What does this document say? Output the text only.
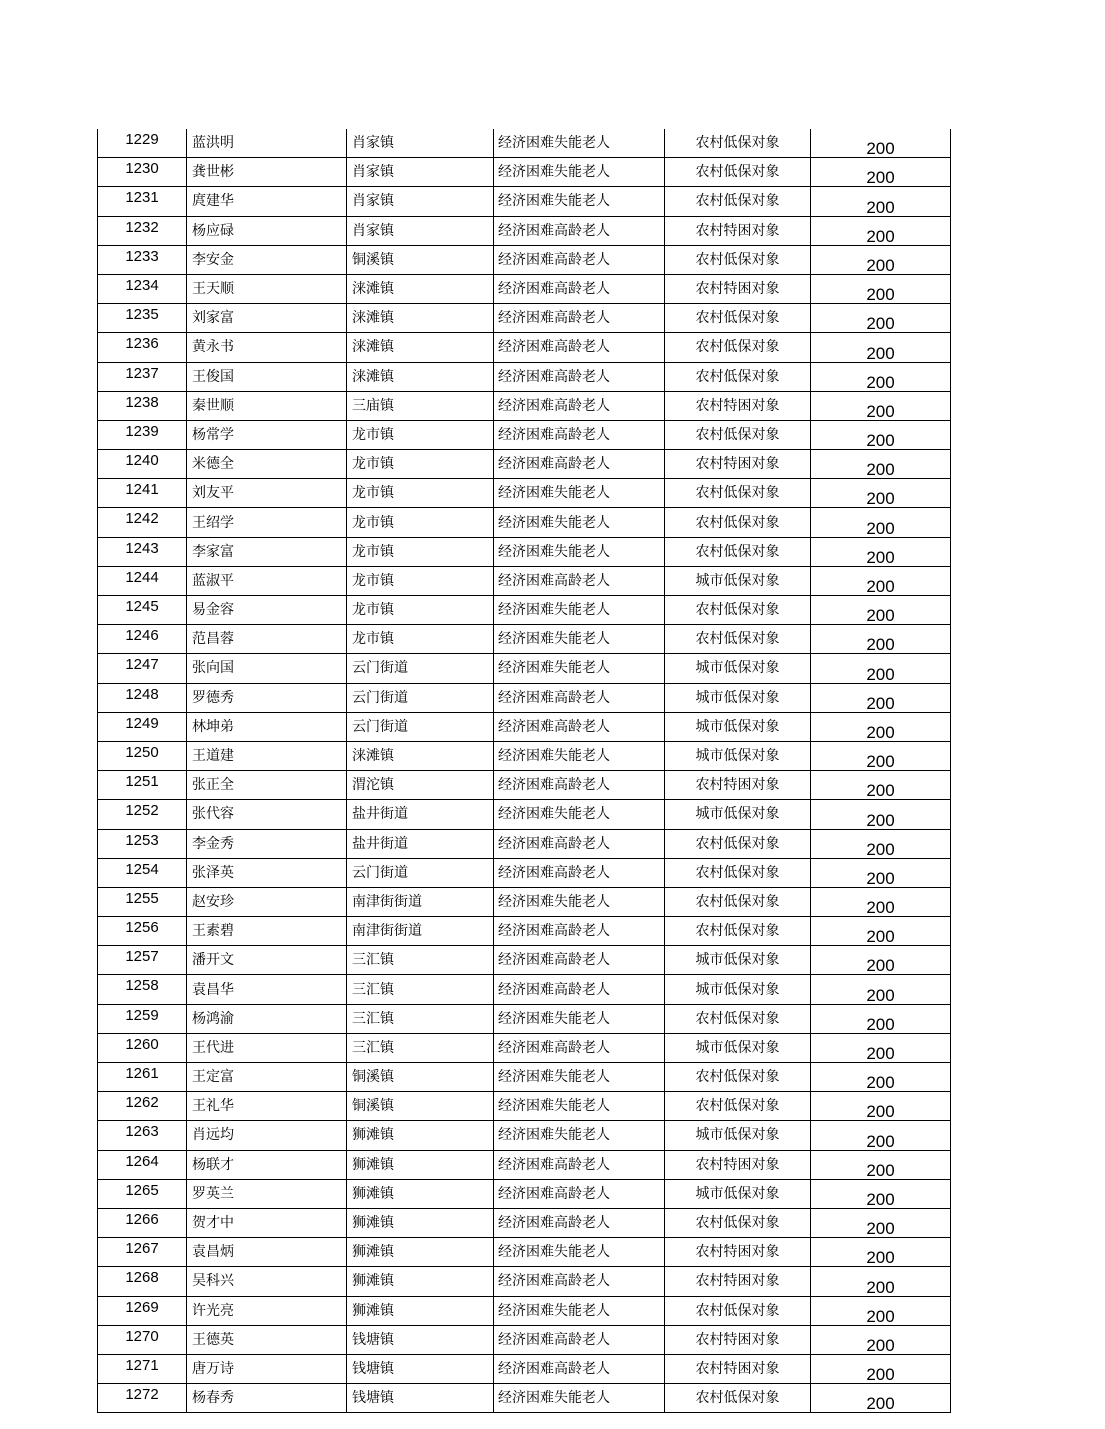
1229	蓝洪明	肖家镇	经济困难失能老人	农村低保对象	200
1230	龚世彬	肖家镇	经济困难失能老人	农村低保对象	200
1231	庹建华	肖家镇	经济困难失能老人	农村低保对象	200
1232	杨应碌	肖家镇	经济困难高龄老人	农村特困对象	200
1233	李安金	铜溪镇	经济困难高龄老人	农村低保对象	200
1234	王天顺	涞滩镇	经济困难高龄老人	农村特困对象	200
1235	刘家富	涞滩镇	经济困难高龄老人	农村低保对象	200
1236	黄永书	涞滩镇	经济困难高龄老人	农村低保对象	200
1237	王俊国	涞滩镇	经济困难高龄老人	农村低保对象	200
1238	秦世顺	三庙镇	经济困难高龄老人	农村特困对象	200
1239	杨常学	龙市镇	经济困难高龄老人	农村低保对象	200
1240	米德全	龙市镇	经济困难高龄老人	农村特困对象	200
1241	刘友平	龙市镇	经济困难失能老人	农村低保对象	200
1242	王绍学	龙市镇	经济困难失能老人	农村低保对象	200
1243	李家富	龙市镇	经济困难失能老人	农村低保对象	200
1244	蓝淑平	龙市镇	经济困难高龄老人	城市低保对象	200
1245	易金容	龙市镇	经济困难失能老人	农村低保对象	200
1246	范昌蓉	龙市镇	经济困难失能老人	农村低保对象	200
1247	张向国	云门街道	经济困难失能老人	城市低保对象	200
1248	罗德秀	云门街道	经济困难高龄老人	城市低保对象	200
1249	林坤弟	云门街道	经济困难高龄老人	城市低保对象	200
1250	王道建	涞滩镇	经济困难失能老人	城市低保对象	200
1251	张正全	渭沱镇	经济困难高龄老人	农村特困对象	200
1252	张代容	盐井街道	经济困难失能老人	城市低保对象	200
1253	李金秀	盐井街道	经济困难高龄老人	农村低保对象	200
1254	张泽英	云门街道	经济困难高龄老人	农村低保对象	200
1255	赵安珍	南津街街道	经济困难失能老人	农村低保对象	200
1256	王素碧	南津街街道	经济困难高龄老人	农村低保对象	200
1257	潘开文	三汇镇	经济困难高龄老人	城市低保对象	200
1258	袁昌华	三汇镇	经济困难高龄老人	城市低保对象	200
1259	杨鸿渝	三汇镇	经济困难失能老人	农村低保对象	200
1260	王代进	三汇镇	经济困难高龄老人	城市低保对象	200
1261	王定富	铜溪镇	经济困难失能老人	农村低保对象	200
1262	王礼华	铜溪镇	经济困难失能老人	农村低保对象	200
1263	肖远均	狮滩镇	经济困难失能老人	城市低保对象	200
1264	杨联才	狮滩镇	经济困难高龄老人	农村特困对象	200
1265	罗英兰	狮滩镇	经济困难高龄老人	城市低保对象	200
1266	贺才中	狮滩镇	经济困难高龄老人	农村低保对象	200
1267	袁昌炳	狮滩镇	经济困难失能老人	农村特困对象	200
1268	吴科兴	狮滩镇	经济困难高龄老人	农村特困对象	200
1269	许光亮	狮滩镇	经济困难失能老人	农村低保对象	200
1270	王德英	钱塘镇	经济困难高龄老人	农村特困对象	200
1271	唐万诗	钱塘镇	经济困难高龄老人	农村特困对象	200
1272	杨春秀	钱塘镇	经济困难失能老人	农村低保对象	200
